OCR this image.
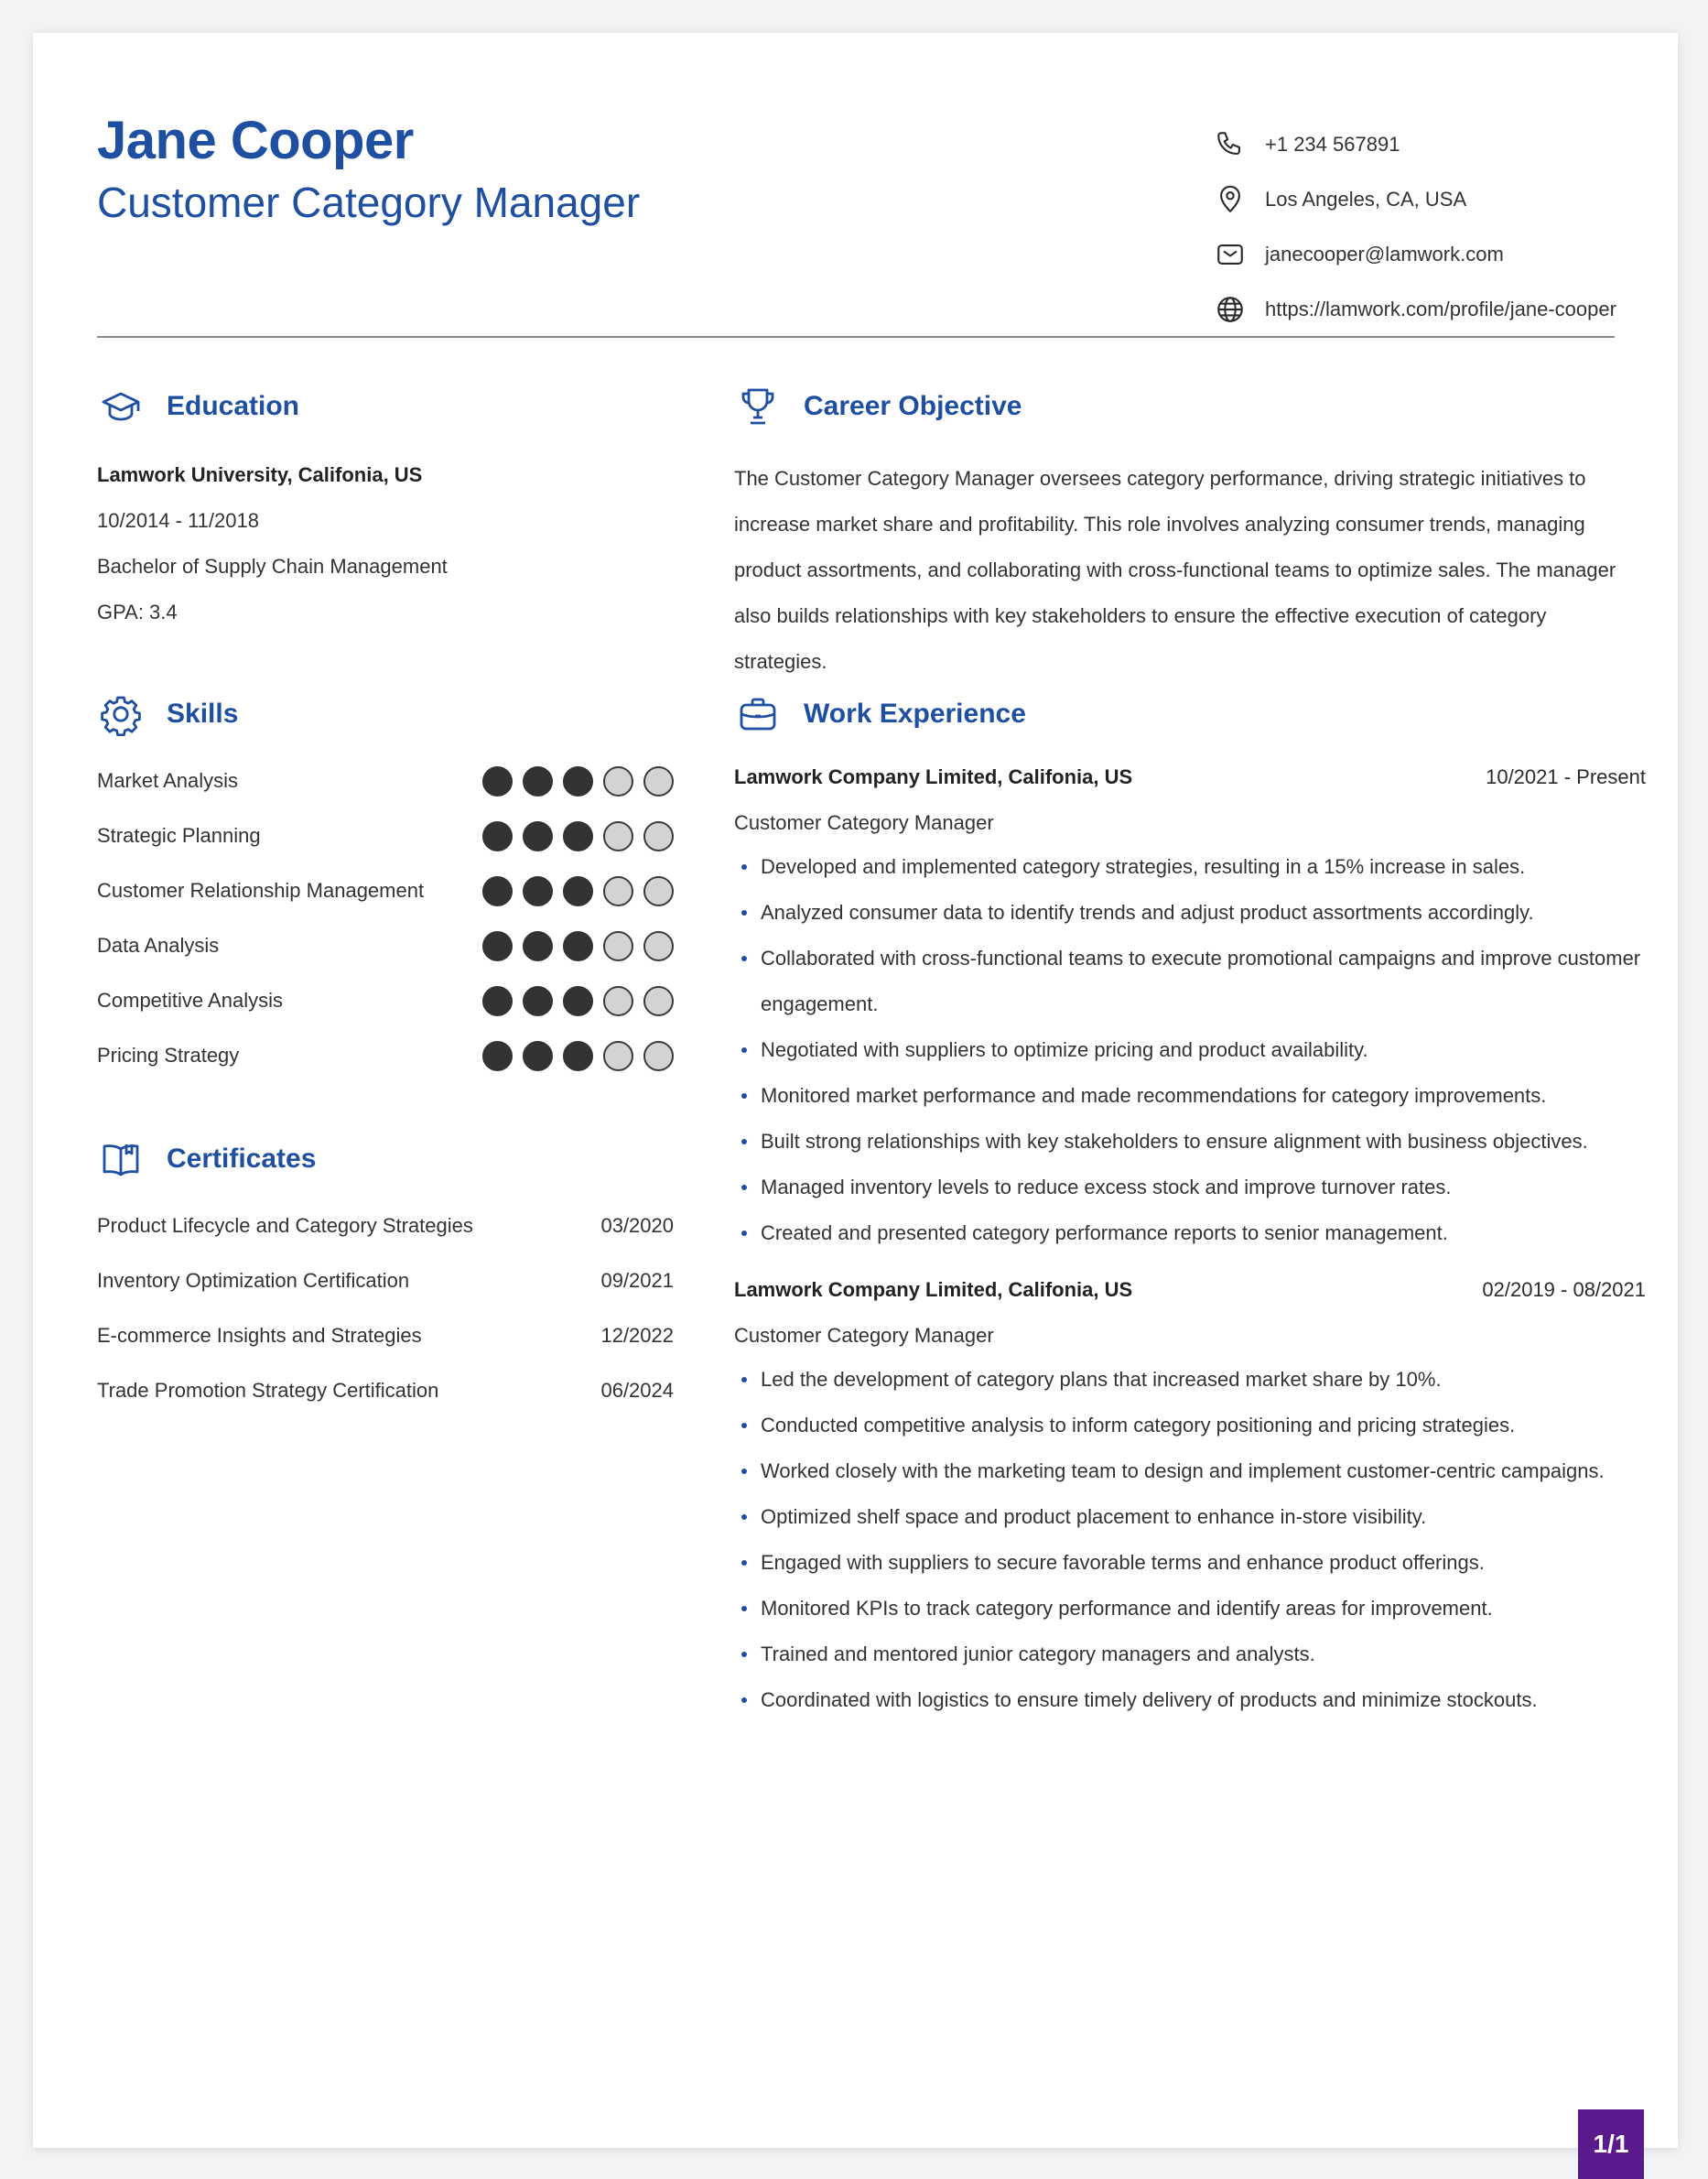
Jane Cooper
Customer Category Manager
+1 234 567891
Los Angeles, CA, USA
janecooper@lamwork.com
https://lamwork.com/profile/jane-cooper
Education
Lamwork University, Califonia, US
10/2014 - 11/2018
Bachelor of Supply Chain Management
GPA: 3.4
Skills
Market Analysis
Strategic Planning
Customer Relationship Management
Data Analysis
Competitive Analysis
Pricing Strategy
Certificates
Product Lifecycle and Category Strategies	03/2020
Inventory Optimization Certification	09/2021
E-commerce Insights and Strategies	12/2022
Trade Promotion Strategy Certification	06/2024
Career Objective
The Customer Category Manager oversees category performance, driving strategic initiatives to increase market share and profitability. This role involves analyzing consumer trends, managing product assortments, and collaborating with cross-functional teams to optimize sales. The manager also builds relationships with key stakeholders to ensure the effective execution of category strategies.
Work Experience
Lamwork Company Limited, Califonia, US	10/2021 - Present
Customer Category Manager
Developed and implemented category strategies, resulting in a 15% increase in sales.
Analyzed consumer data to identify trends and adjust product assortments accordingly.
Collaborated with cross-functional teams to execute promotional campaigns and improve customer engagement.
Negotiated with suppliers to optimize pricing and product availability.
Monitored market performance and made recommendations for category improvements.
Built strong relationships with key stakeholders to ensure alignment with business objectives.
Managed inventory levels to reduce excess stock and improve turnover rates.
Created and presented category performance reports to senior management.
Lamwork Company Limited, Califonia, US	02/2019 - 08/2021
Customer Category Manager
Led the development of category plans that increased market share by 10%.
Conducted competitive analysis to inform category positioning and pricing strategies.
Worked closely with the marketing team to design and implement customer-centric campaigns.
Optimized shelf space and product placement to enhance in-store visibility.
Engaged with suppliers to secure favorable terms and enhance product offerings.
Monitored KPIs to track category performance and identify areas for improvement.
Trained and mentored junior category managers and analysts.
Coordinated with logistics to ensure timely delivery of products and minimize stockouts.
1/1
